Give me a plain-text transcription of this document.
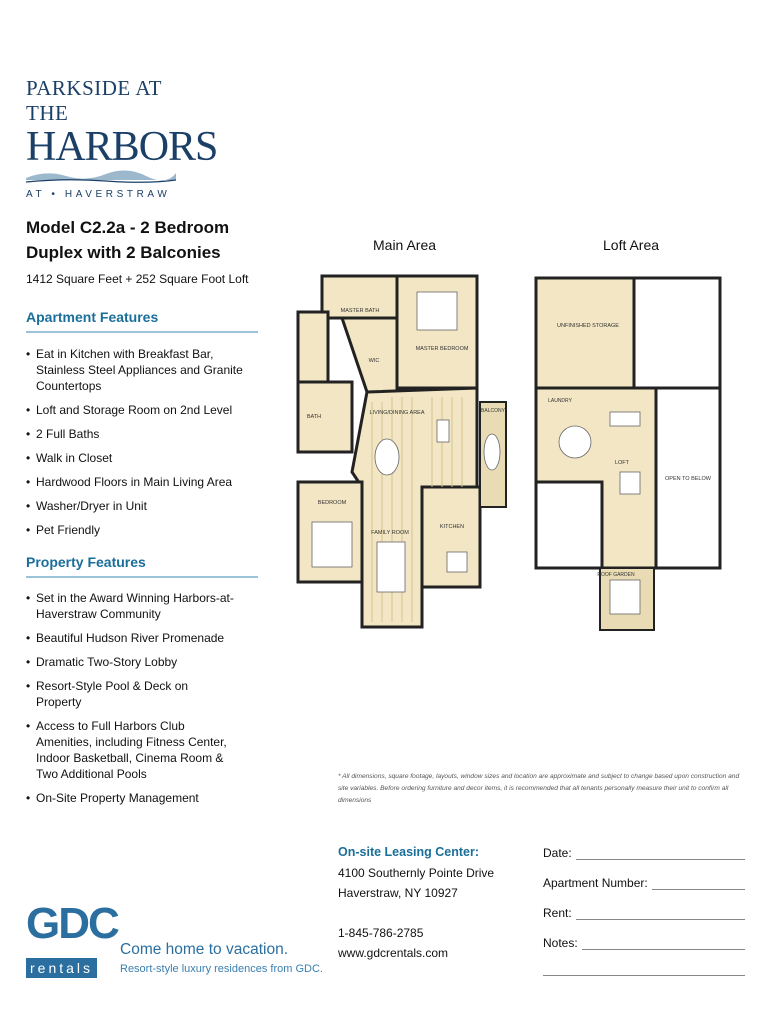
PARKSIDE AT THE
HARBORS
AT • HAVERSTRAW
Model C2.2a - 2 Bedroom Duplex with 2 Balconies
1412 Square Feet + 252 Square Foot Loft
Apartment Features
• Eat in Kitchen with Breakfast Bar, Stainless Steel Appliances and Granite Countertops
• Loft and Storage Room on 2nd Level
• 2 Full Baths
• Walk in Closet
• Hardwood Floors in Main Living Area
• Washer/Dryer in Unit
• Pet Friendly
Property Features
• Set in the Award Winning Harbors-at-Haverstraw Community
• Beautiful Hudson River Promenade
• Dramatic Two-Story Lobby
• Resort-Style Pool & Deck on Property
• Access to Full Harbors Club Amenities, including Fitness Center, Indoor Basketball, Cinema Room & Two Additional Pools
• On-Site Property Management
Main Area	Loft Area
MASTER BATH
WIC
MASTER BEDROOM
LIVING/DINING AREA	BALCONY
BATH
BEDROOM
FAMILY ROOM
KITCHEN
UNFINISHED STORAGE
LAUNDRY
LOFT
OPEN TO BELOW
ROOF GARDEN
* All dimensions, square footage, layouts, window sizes and location are approximate and subject to change based upon construction and site variables. Before ordering furniture and decor items, it is recommended that all tenants personally measure their unit to confirm all dimensions
On-site Leasing Center:
4100 Southernly Pointe Drive
Haverstraw, NY 10927
1-845-786-2785
www.gdcrentals.com
Date:
Apartment Number:
Rent:
Notes:
GDC
rentals
Come home to vacation.
Resort-style luxury residences from GDC.
